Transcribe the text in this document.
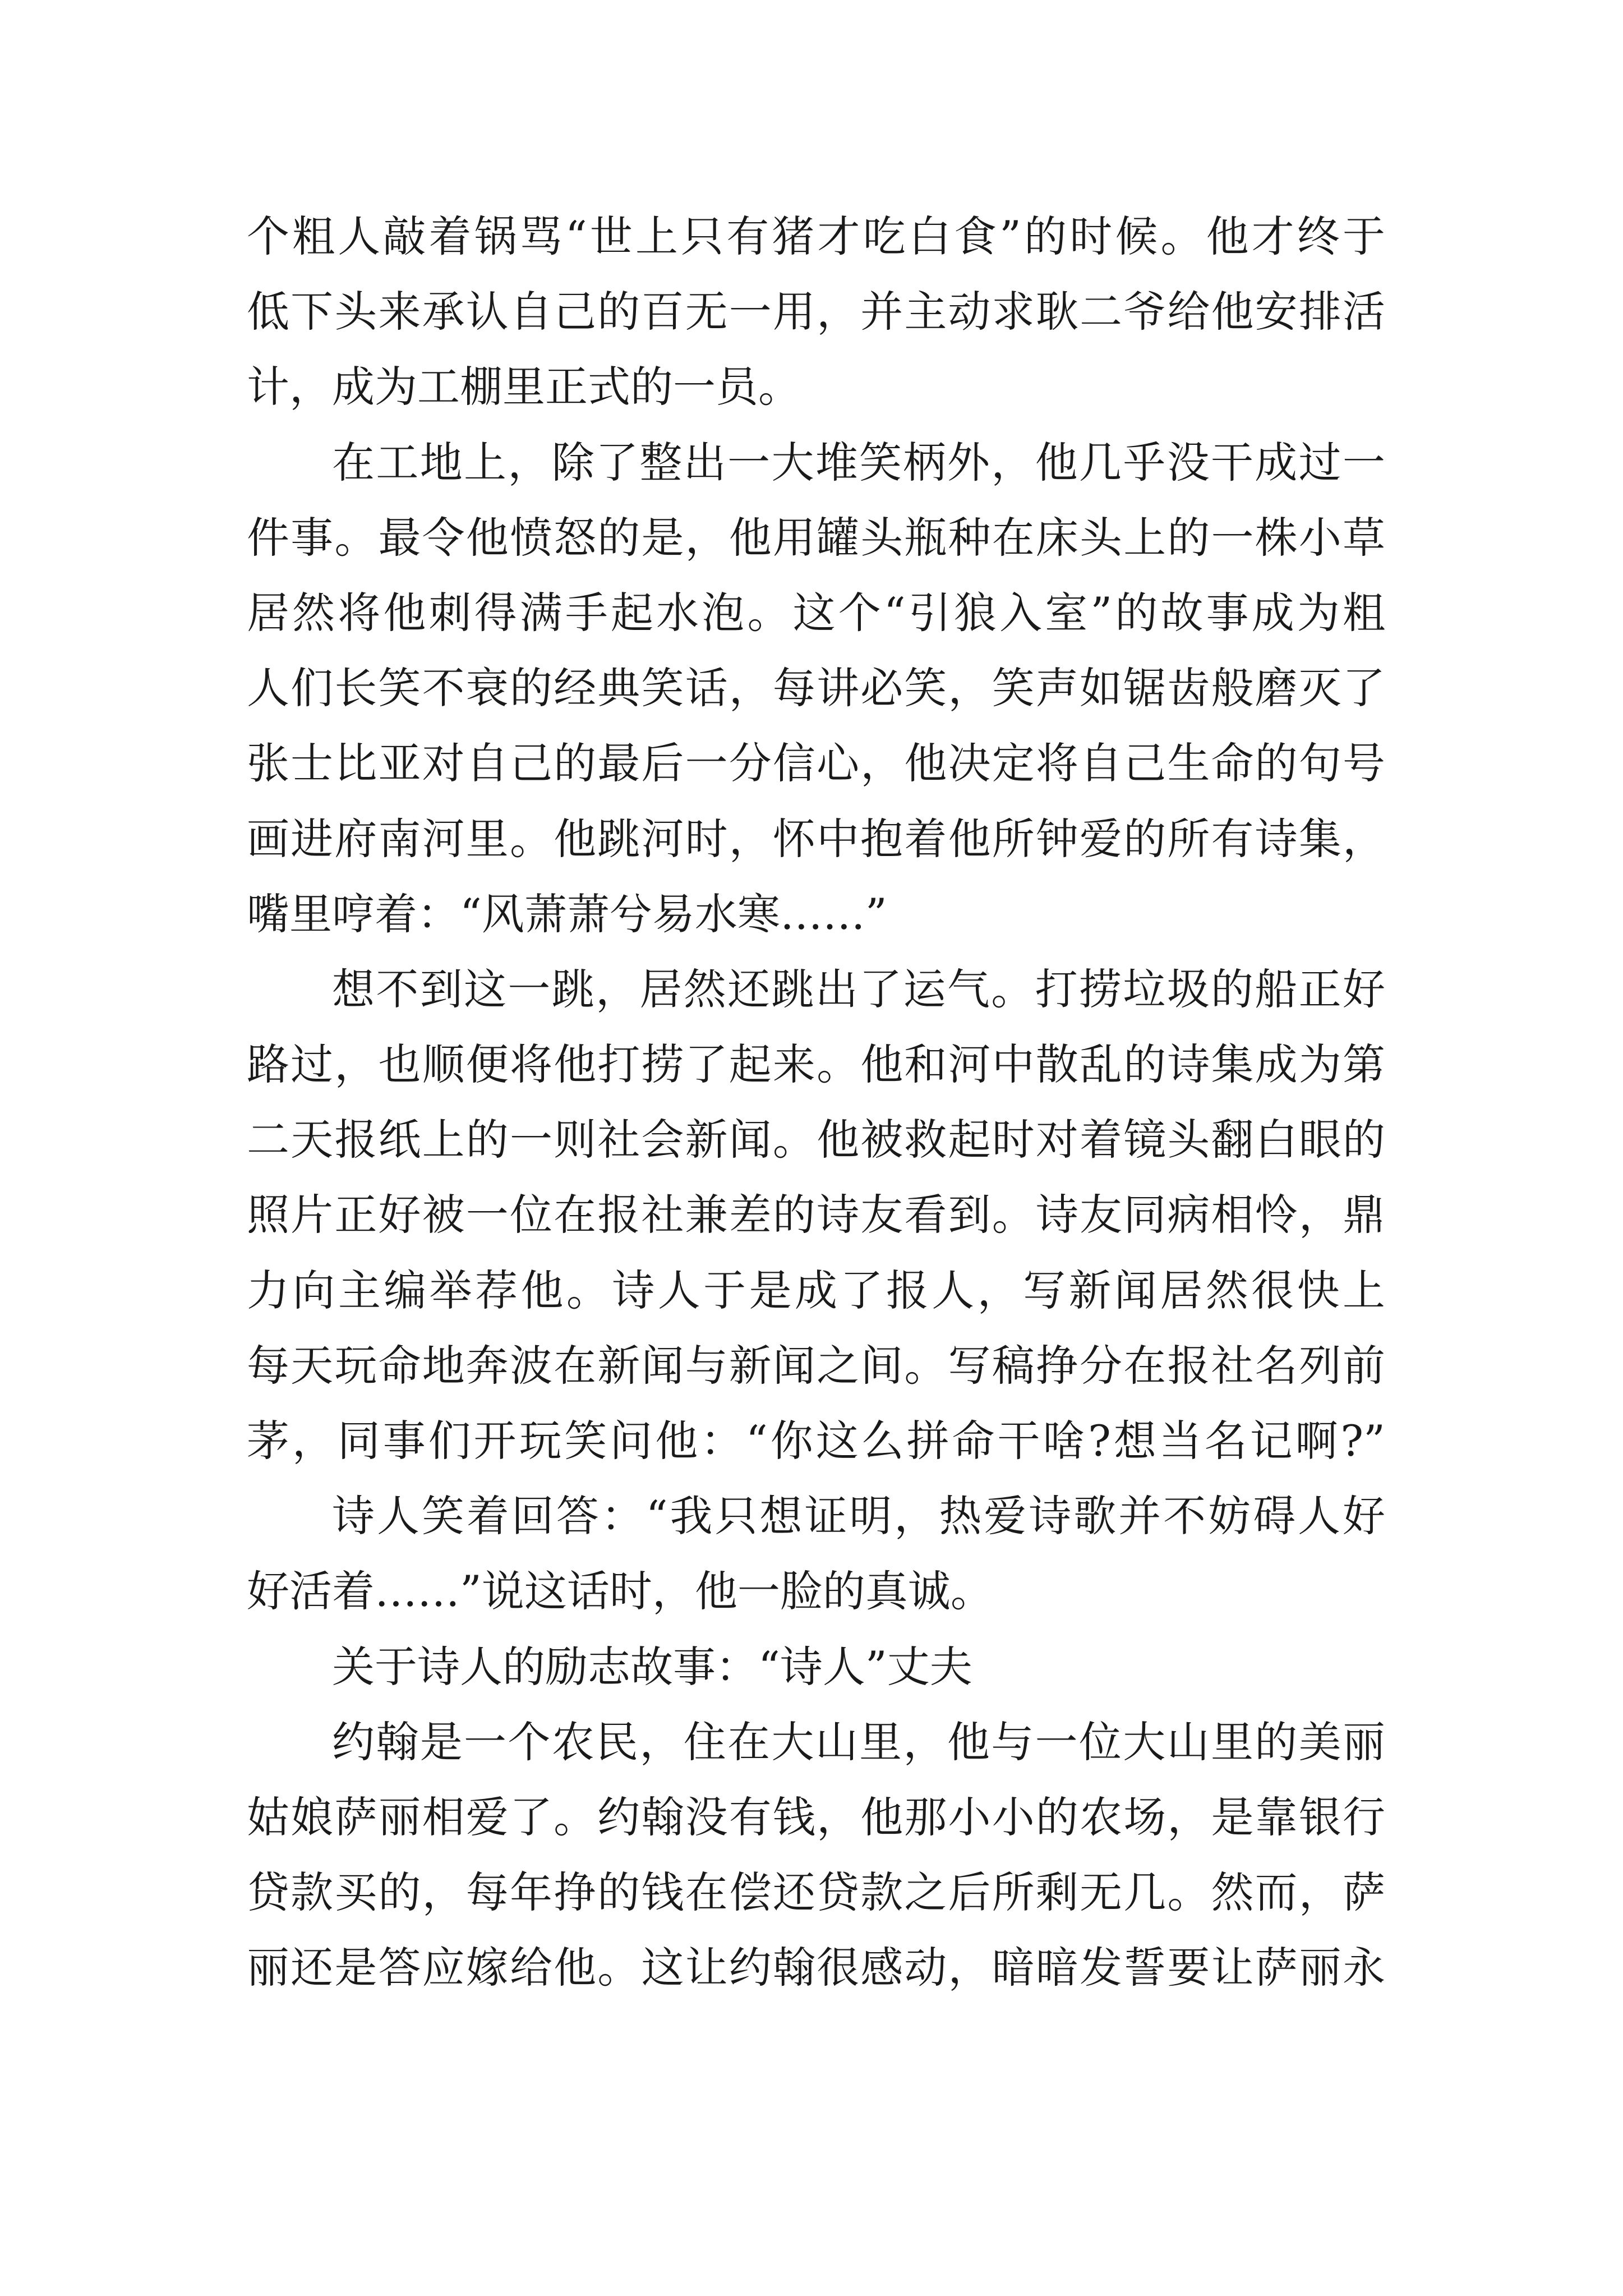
个粗人敲着锅骂“世上只有猪才吃白食”的时候。他才终于
低下头来承认自己的百无一用，并主动求耿二爷给他安排活
计，成为工棚里正式的一员。
在工地上，除了整出一大堆笑柄外，他几乎没干成过一
件事。最令他愤怒的是，他用罐头瓶种在床头上的一株小草
居然将他刺得满手起水泡。这个“引狼入室”的故事成为粗
人们长笑不衰的经典笑话，每讲必笑，笑声如锯齿般磨灭了
张士比亚对自己的最后一分信心，他决定将自己生命的句号
画进府南河里。他跳河时，怀中抱着他所钟爱的所有诗集，
嘴里哼着：“风萧萧兮易水寒……”
想不到这一跳，居然还跳出了运气。打捞垃圾的船正好
路过，也顺便将他打捞了起来。他和河中散乱的诗集成为第
二天报纸上的一则社会新闻。他被救起时对着镜头翻白眼的
照片正好被一位在报社兼差的诗友看到。诗友同病相怜，鼎
力向主编举荐他。诗人于是成了报人，写新闻居然很快上
每天玩命地奔波在新闻与新闻之间。写稿挣分在报社名列前
茅，同事们开玩笑问他：“你这么拼命干啥?想当名记啊?”
诗人笑着回答：“我只想证明，热爱诗歌并不妨碍人好
好活着……”说这话时，他一脸的真诚。
关于诗人的励志故事：“诗人”丈夫
约翰是一个农民，住在大山里，他与一位大山里的美丽
姑娘萨丽相爱了。约翰没有钱，他那小小的农场，是靠银行
贷款买的，每年挣的钱在偿还贷款之后所剩无几。然而，萨
丽还是答应嫁给他。这让约翰很感动，暗暗发誓要让萨丽永
